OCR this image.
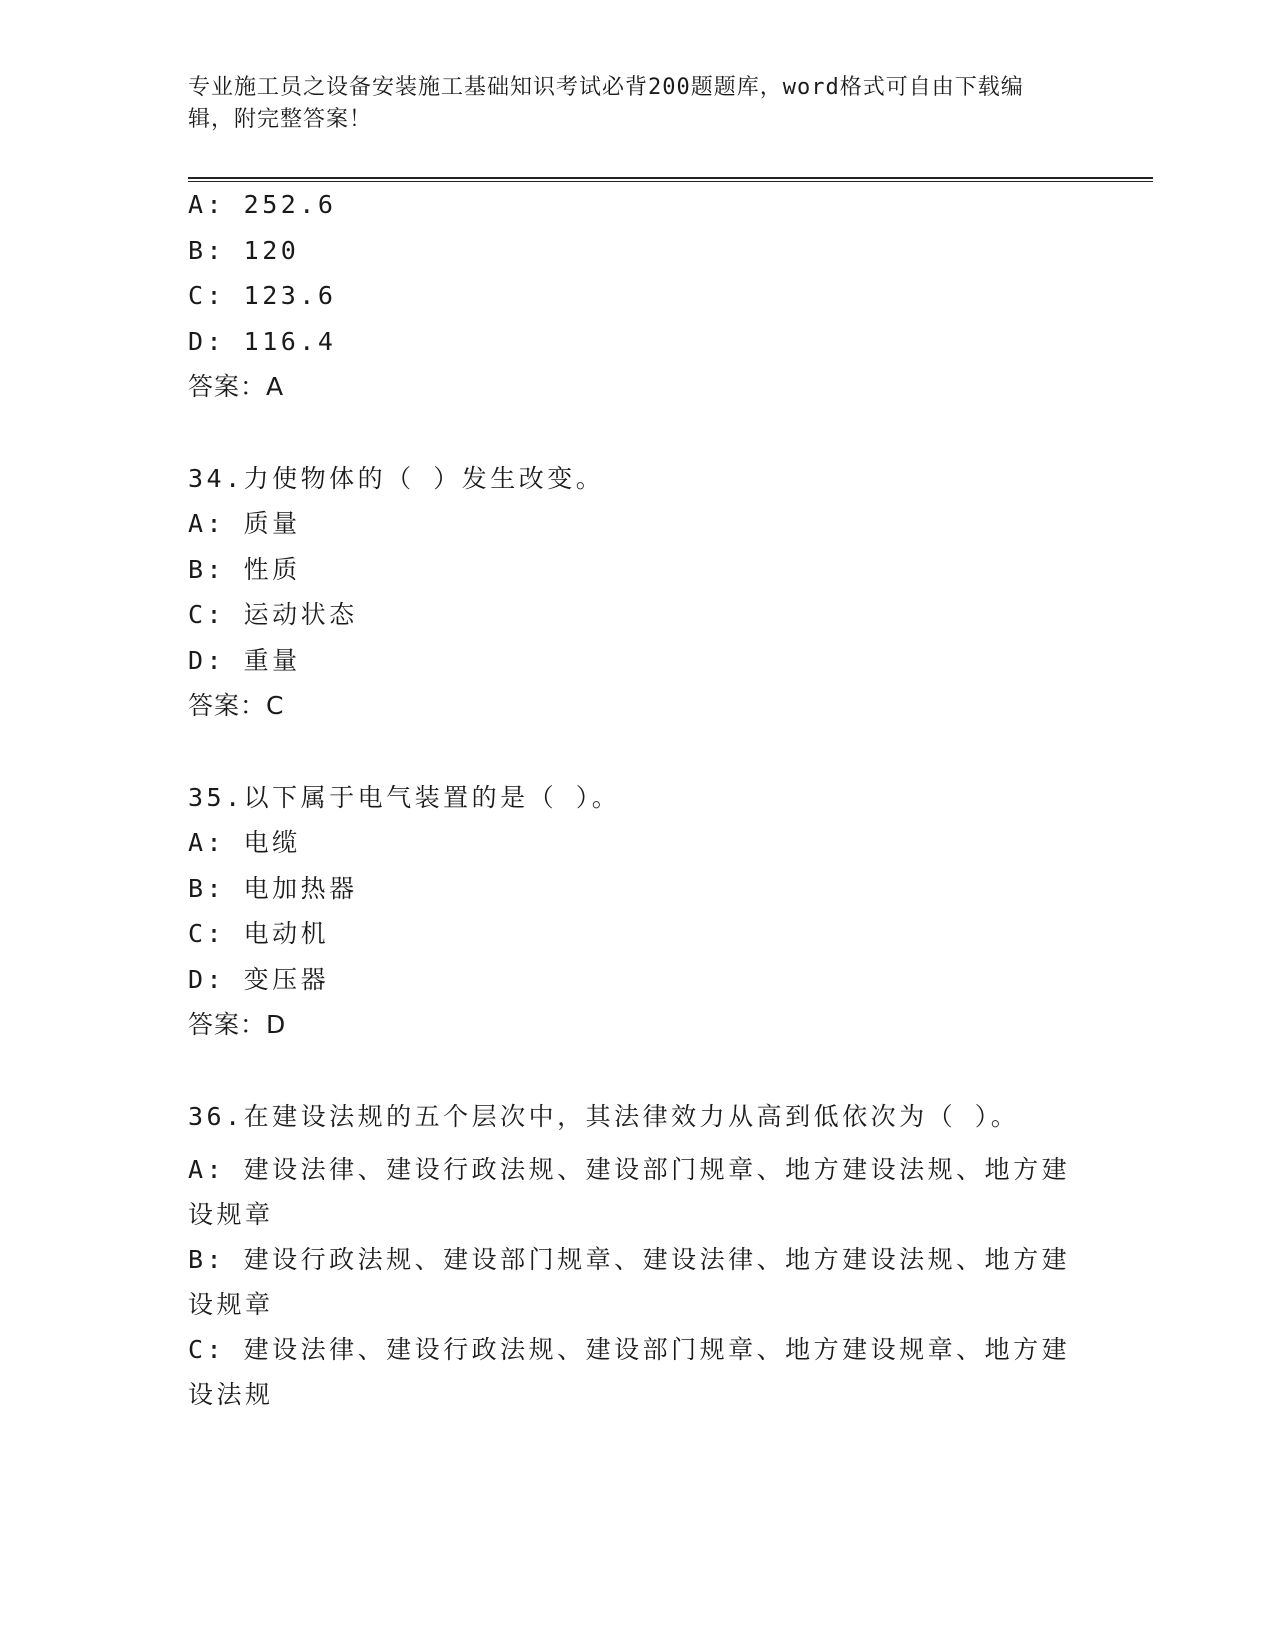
专业施工员之设备安装施工基础知识考试必背200题题库，word格式可自由下载编辑，附完整答案！
A: 252.6
B: 120
C: 123.6
D: 116.4
答案：A
34.力使物体的（ ）发生改变。
A: 质量
B: 性质
C: 运动状态
D: 重量
答案：C
35.以下属于电气装置的是（ ）。
A: 电缆
B: 电加热器
C: 电动机
D: 变压器
答案：D
36.在建设法规的五个层次中，其法律效力从高到低依次为（ ）。
A: 建设法律、建设行政法规、建设部门规章、地方建设法规、地方建设规章
B: 建设行政法规、建设部门规章、建设法律、地方建设法规、地方建设规章
C: 建设法律、建设行政法规、建设部门规章、地方建设规章、地方建设法规
